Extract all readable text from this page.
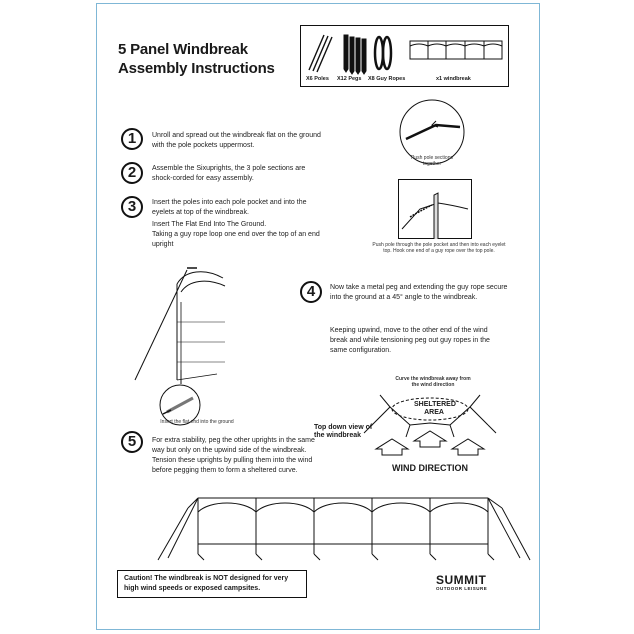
5 Panel Windbreak
Assembly Instructions
X6 Poles X12 Pegs X8 Guy Ropes	x1 windbreak
1	Unroll and spread out the windbreak flat on the ground with the pole pockets uppermost.
2	Assemble the Sixuprights, the 3 pole sections are shock-corded for easy assembly.
3	Insert the poles into each pole pocket and into the eyelets at top of the windbreak.
Insert The Flat End Into The Ground.
Taking a guy rope loop one end over the top of an end upright
Push pole sections together
Push pole through the pole pocket and then into each eyelet top. Hook one end of a guy rope over the top pole.
Insert the flat end into the ground
4	Now take a metal peg and extending the guy rope secure into the ground at a 45° angle to the windbreak.
Keeping upwind, move to the other end of the wind break and while tensioning peg out guy ropes in the same configuration.
Curve the windbreak away from the wind direction
SHELTERED AREA
Top down view of the windbreak
WIND DIRECTION
5	For extra stability, peg the other uprights in the same way but only on the upwind side of the windbreak. Tension these uprights by pulling them into the wind before pegging them to form a sheltered curve.
Caution! The windbreak is NOT designed for very high wind speeds or exposed campsites.
SUMMIT
OUTDOOR LEISURE
